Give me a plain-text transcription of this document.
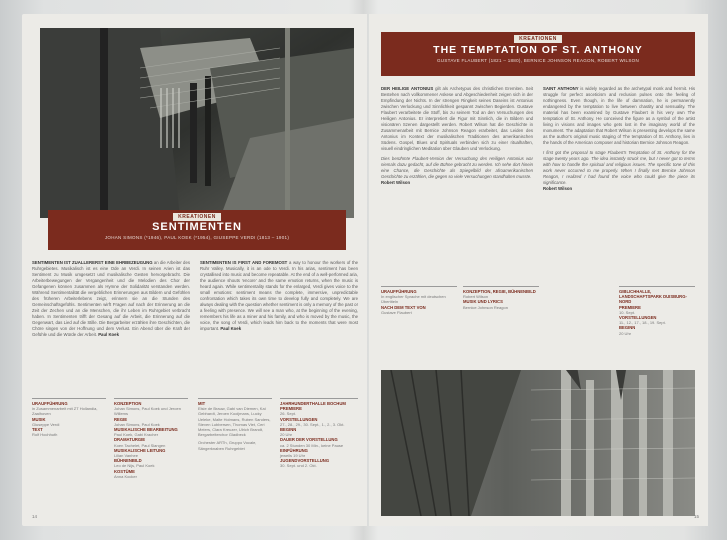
KREATIONEN
SENTIMENTEN
JOHAN SIMONS (*1946), PAUL KOEK (*1954), GIUSEPPE VERDI (1813 – 1901)
SENTIMENTEN IST ZUALLERERST EINE EHRBEZEUGUNG an die Arbeiter des Ruhrgebietes. Musikalisch ist es eine Ode an Verdi. In seinen Arien ist das Sentiment zu Musik umgesetzt und musikalische Gesten hervorgebracht. Die Arbeiterbewegungen der Vergangenheit und die Melodien des Chor der Gefangenen können zusammen als Hymne der Solidarität verstanden werden. Während Sentimentalität die vergeblichen Erinnerungen aus Bildern und Gefühlen des früheren Arbeiterlebens zeigt, erinnern sie an die Stunden des Gemeinschaftsgefühls. Sentimenten wirft Fragen auf nach der Erinnerung an die Zeit der Zechen und an die Menschen, die ihr Leben im Ruhrgebiet verbracht haben. In Sentimenten trifft der Gesang auf die Arbeit, die Erinnerung auf die Gegenwart, das Lied auf die Stille. Die Bergarbeiter erzählen ihre Geschichten, die Chöre singen von der Hoffnung und dem Verlust. Ein Abend über die Kraft der Gefühle und die Würde der Arbeit. Paul Koek
SENTIMENTEN IS FIRST AND FOREMOST a way to honour the workers of the Ruhr Valley. Musically, it is an ode to Verdi. In his arias, sentiment has been crystallised into music and become repeatable. At the end of a well-performed aria, the audience shouts 'encore' and the same emotion returns, when the music is heard again. While sentimentality stands for the enlarged, Verdi gives voice to the small emotions: sentiment means the complete, immersive, unpredictable confrontation which takes its own time to develop fully and completely. We are always dealing with the question whether sentiment is only a memory of the past or a feeling with presence. We will see a man who, at the beginning of the evening, remembers his life as a miner and his family, and who is moved by the music, the voice, the song of Verdi, which leads him back to the moments that were most important. Paul Koek
URAUFFÜHRUNG
in Zusammenarbeit mit ZT Hollandia, Zaalhoven
MUSIK
Giuseppe Verdi
TEXT
Rolf Hochhuth
KONZEPTION
Johan Simons, Paul Koek und Jeroen Willems
REGIE
Johan Simons, Paul Koek
MUSIKALISCHE BEARBEITUNG
Paul Koek, Gabi Kracher
DRAMATURGIE
Koen Tachelet, Paul Slangen
MUSIKALISCHE LEITUNG
Lilian Vanhee
BÜHNENBILD
Leo de Nijs, Paul Koek
KOSTÜME
Anna Kocker
MIT
Elsie de Brauw, Gabi van Diemen, Kai Gebhardt, Jeroen Kooijmans, Lucky Ueleke, Malte Holmans, Ruben Sanders, Steven Lubbersen, Thomas Viet, Ceri Meiers, Clara Kreuzer, Ulrich Brandt, Bergarbeiterchor Gladbeck
Orchester ARTh, Gruppo Vocale, Sängerknaben Ruhrgebiet
JAHRHUNDERTHALLE BOCHUM
PREMIERE
26. Sept.
VORSTELLUNGEN
27., 28., 29., 30. Sept., 1., 2., 3. Okt.
BEGINN
20 Uhr
DAUER DER VORSTELLUNG
ca. 2 Stunden 30 Min., keine Pause
EINFÜHRUNG
jeweils 19 Uhr
JUGENDVORSTELLUNG
30. Sept. und 2. Okt.
14
KREATIONEN
THE TEMPTATION OF ST. ANTHONY
GUSTAVE FLAUBERT (1821 – 1880), BERNICE JOHNSON REAGON, ROBERT WILSON
DER HEILIGE ANTONIUS gilt als Archetypus des christlichen Eremiten. Seit Bestehen nach vollkommener Askese und Abgeschiedenheit zeigen sich in der Empfindung der Nichts. In der strengen Ringkeit seines Daseins ist Antonius zwischen Verlockung und Sinnlichkeit gespannt zwischen Begierden. Gustave Flaubert verarbeitete die Stoff, bis zu seinem Tod an den Versuchungen des Heiligen Antonius. Er interpretiert die Figur mit Sinnlich, die in Bildern und visionären Szenen dargestellt werden. Robert Wilson hat die Geschichte in Zusammenarbeit mit Bernice Johnson Reagon erarbeitet, das Leiden des Antonius im Kontext der musikalischen Traditionen des amerikanischen Südens. Gospel, Blues und Spirituals verbinden sich zu einer ritualhaften, visuell eindringlichen Meditation über Glauben und Verlockung.
Dies berühmte Flaubert-Version der Versuchung des Heiligen Antonius war niemals dazu gedacht, auf die Bühne gebracht zu werden. Ich sehe dort hinein eine Chance, die Geschichte als Spiegelbild der afroamerikanischen Geschichte zu erzählen, die gegen so viele Versuchungen standhalten musste.
Robert Wilson
SAINT ANTHONY is widely regarded as the archetypal monk and hermit. His struggle for perfect asceticism and reclusion pulses onto the feeling of nothingness. Even though, in the life of damnation, he is permanently endangered by the temptation to live between chastity and sensuality. The material has been examined by Gustave Flaubert in his very own The temptation of St. Anthony. He conceived the figure as a symbol of the artist living in visions and images who gets lost in the imaginary world of the monument. The adaptation that Robert Wilson is presenting develops the same as the author's original music staging of The temptation of St. Anthony, lies in the hands of the American composer and historian Bernice Johnson Reagon.
I first got the proposal to stage Flaubert's Temptation of St. Anthony for the stage twenty years ago. The idea instantly struck me, but I never got to terms with how to handle the spiritual and religious issues. The specific tone of this work never occurred to me properly. When I finally met Bernice Johnson Reagon, I realized I had found the voice who could give the piece its significance.
Robert Wilson
URAUFFÜHRUNG
In englischer Sprache mit deutschen Übertiteln
NACH DEM TEXT VON
Gustave Flaubert
KONZEPTION, REGIE, BÜHNENBILD
Robert Wilson
MUSIK UND LYRICS
Bernice Johnson Reagon
GIBLICHHALLE, LANDSCHAFTSPARK DUISBURG-NORD
PREMIERE
10. Sept.
VORSTELLUNGEN
11., 12., 17., 18., 19. Sept.
BEGINN
20 Uhr
15
